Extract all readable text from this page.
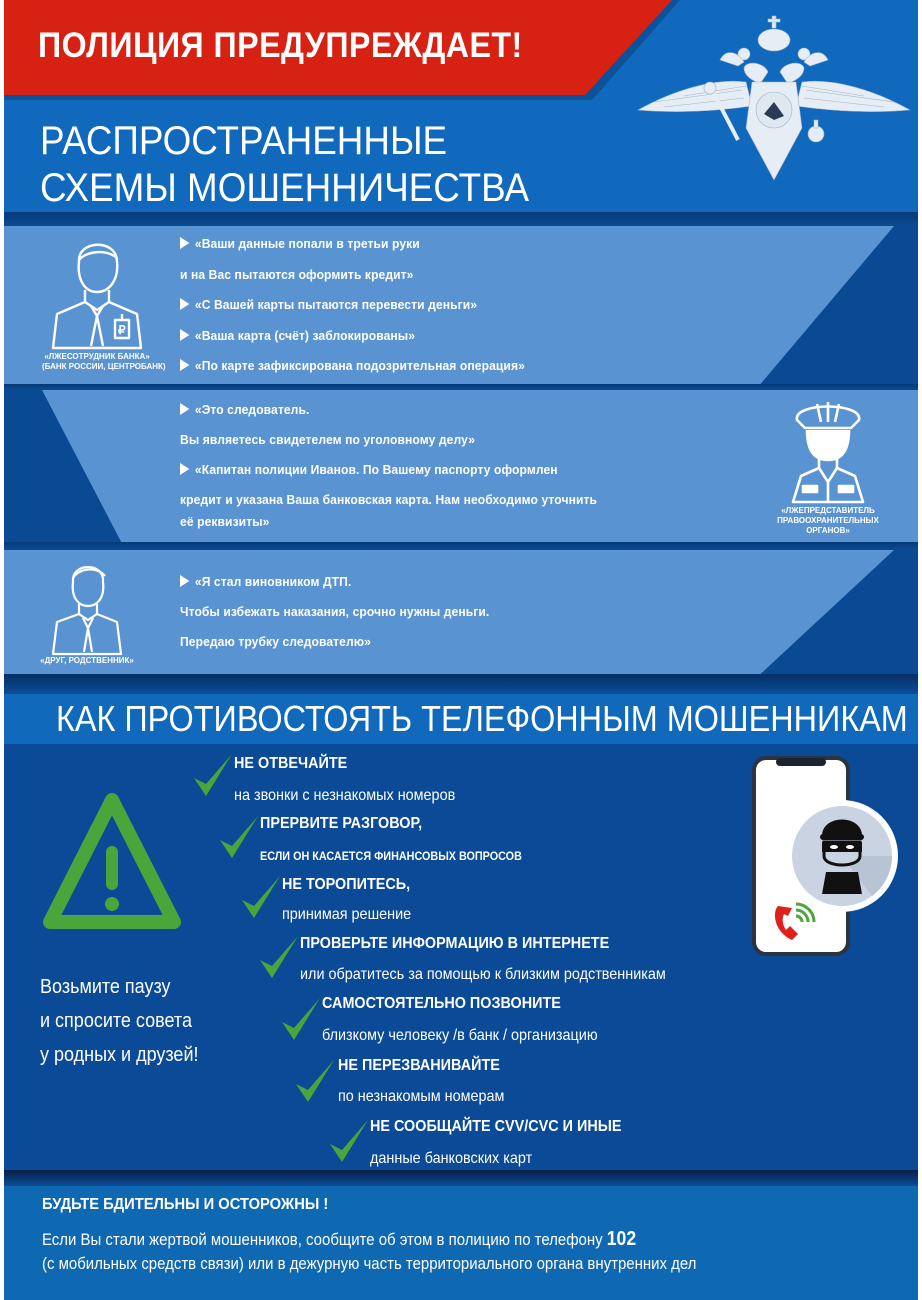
ПОЛИЦИЯ ПРЕДУПРЕЖДАЕТ!
РАСПРОСТРАНЕННЫЕ
СХЕМЫ МОШЕННИЧЕСТВА
₽
«ЛЖЕСОТРУДНИК БАНКА»
(БАНК РОССИИ, ЦЕНТРОБАНК)
«Ваши данные попали в третьи руки
и на Вас пытаются оформить кредит»
«С Вашей карты пытаются перевести деньги»
«Ваша карта (счёт) заблокированы»
«По карте зафиксирована подозрительная операция»
«Это следователь.
Вы являетесь свидетелем по уголовному делу»
«Капитан полиции Иванов. По Вашему паспорту оформлен
кредит и указана Ваша банковская карта. Нам необходимо уточнить
её реквизиты»
«ЛЖЕПРЕДСТАВИТЕЛЬ
ПРАВООХРАНИТЕЛЬНЫХ
ОРГАНОВ»
«ДРУГ, РОДСТВЕННИК»
«Я стал виновником ДТП.
Чтобы избежать наказания, срочно нужны деньги.
Передаю трубку следователю»
КАК ПРОТИВОСТОЯТЬ ТЕЛЕФОННЫМ МОШЕННИКАМ
НЕ ОТВЕЧАЙТЕ
на звонки с незнакомых номеров
ПРЕРВИТЕ РАЗГОВОР,
ЕСЛИ ОН КАСАЕТСЯ ФИНАНСОВЫХ ВОПРОСОВ
НЕ ТОРОПИТЕСЬ,
принимая решение
ПРОВЕРЬТЕ ИНФОРМАЦИЮ В ИНТЕРНЕТЕ
или обратитесь за помощью к близким родственникам
САМОСТОЯТЕЛЬНО ПОЗВОНИТЕ
близкому человеку /в банк / организацию
НЕ ПЕРЕЗВАНИВАЙТЕ
по незнакомым номерам
НЕ СООБЩАЙТЕ CVV/CVC И ИНЫЕ
данные банковских карт
Возьмите паузу
и спросите совета
у родных и друзей!
БУДЬТЕ БДИТЕЛЬНЫ И ОСТОРОЖНЫ !
Если Вы стали жертвой мошенников, сообщите об этом в полицию по телефону 102
(с мобильных средств связи) или в дежурную часть территориального органа внутренних дел
